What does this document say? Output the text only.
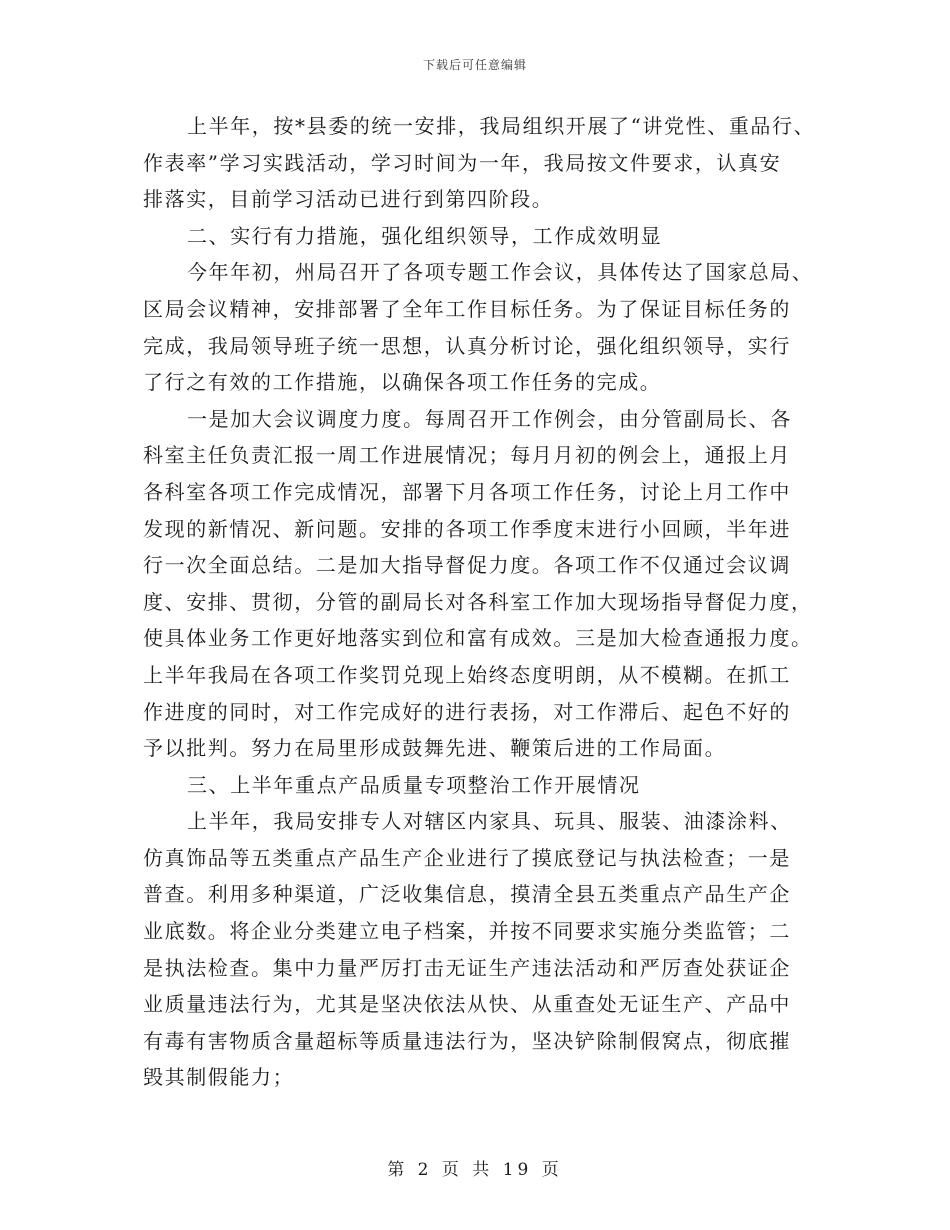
下载后可任意编辑
上半年，按*县委的统一安排，我局组织开展了“讲党性、重品行、
作表率”学习实践活动，学习时间为一年，我局按文件要求，认真安
排落实，目前学习活动已进行到第四阶段。
二、实行有力措施，强化组织领导，工作成效明显
今年年初，州局召开了各项专题工作会议，具体传达了国家总局、
区局会议精神，安排部署了全年工作目标任务。为了保证目标任务的
完成，我局领导班子统一思想，认真分析讨论，强化组织领导，实行
了行之有效的工作措施，以确保各项工作任务的完成。
一是加大会议调度力度。每周召开工作例会，由分管副局长、各
科室主任负责汇报一周工作进展情况；每月月初的例会上，通报上月
各科室各项工作完成情况，部署下月各项工作任务，讨论上月工作中
发现的新情况、新问题。安排的各项工作季度末进行小回顾，半年进
行一次全面总结。二是加大指导督促力度。各项工作不仅通过会议调
度、安排、贯彻，分管的副局长对各科室工作加大现场指导督促力度，
使具体业务工作更好地落实到位和富有成效。三是加大检查通报力度。
上半年我局在各项工作奖罚兑现上始终态度明朗，从不模糊。在抓工
作进度的同时，对工作完成好的进行表扬，对工作滞后、起色不好的
予以批判。努力在局里形成鼓舞先进、鞭策后进的工作局面。
三、上半年重点产品质量专项整治工作开展情况
上半年，我局安排专人对辖区内家具、玩具、服装、油漆涂料、
仿真饰品等五类重点产品生产企业进行了摸底登记与执法检查；一是
普查。利用多种渠道，广泛收集信息，摸清全县五类重点产品生产企
业底数。将企业分类建立电子档案，并按不同要求实施分类监管；二
是执法检查。集中力量严厉打击无证生产违法活动和严厉查处获证企
业质量违法行为，尤其是坚决依法从快、从重查处无证生产、产品中
有毒有害物质含量超标等质量违法行为，坚决铲除制假窝点，彻底摧
毁其制假能力；
第 2 页 共 19 页
